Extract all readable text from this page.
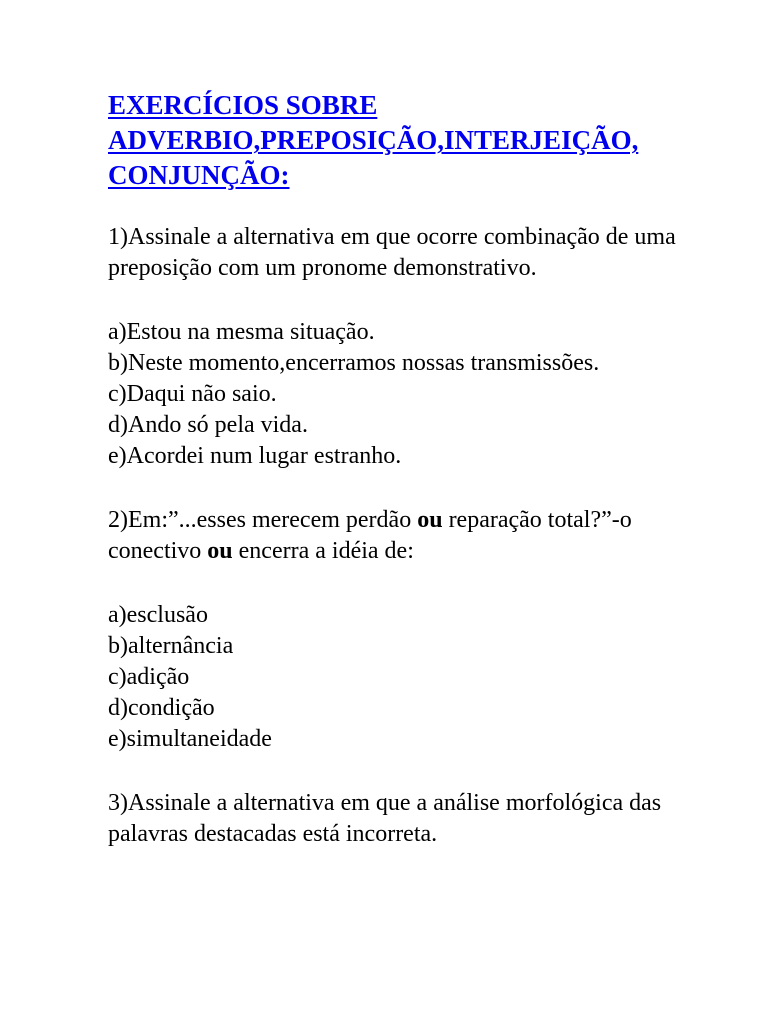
EXERCÍCIOS SOBRE
ADVERBIO,PREPOSIÇÃO,INTERJEIÇÃO,
CONJUNÇÃO:

1)Assinale a alternativa em que ocorre combinação de uma
preposição com um pronome demonstrativo.

a)Estou na mesma situação.
b)Neste momento,encerramos nossas transmissões.
c)Daqui não saio.
d)Ando só pela vida.
e)Acordei num lugar estranho.

2)Em:”...esses merecem perdão ou reparação total?”-o
conectivo ou encerra a idéia de:

a)esclusão
b)alternância
c)adição
d)condição
e)simultaneidade

3)Assinale a alternativa em que a análise morfológica das
palavras destacadas está incorreta.
